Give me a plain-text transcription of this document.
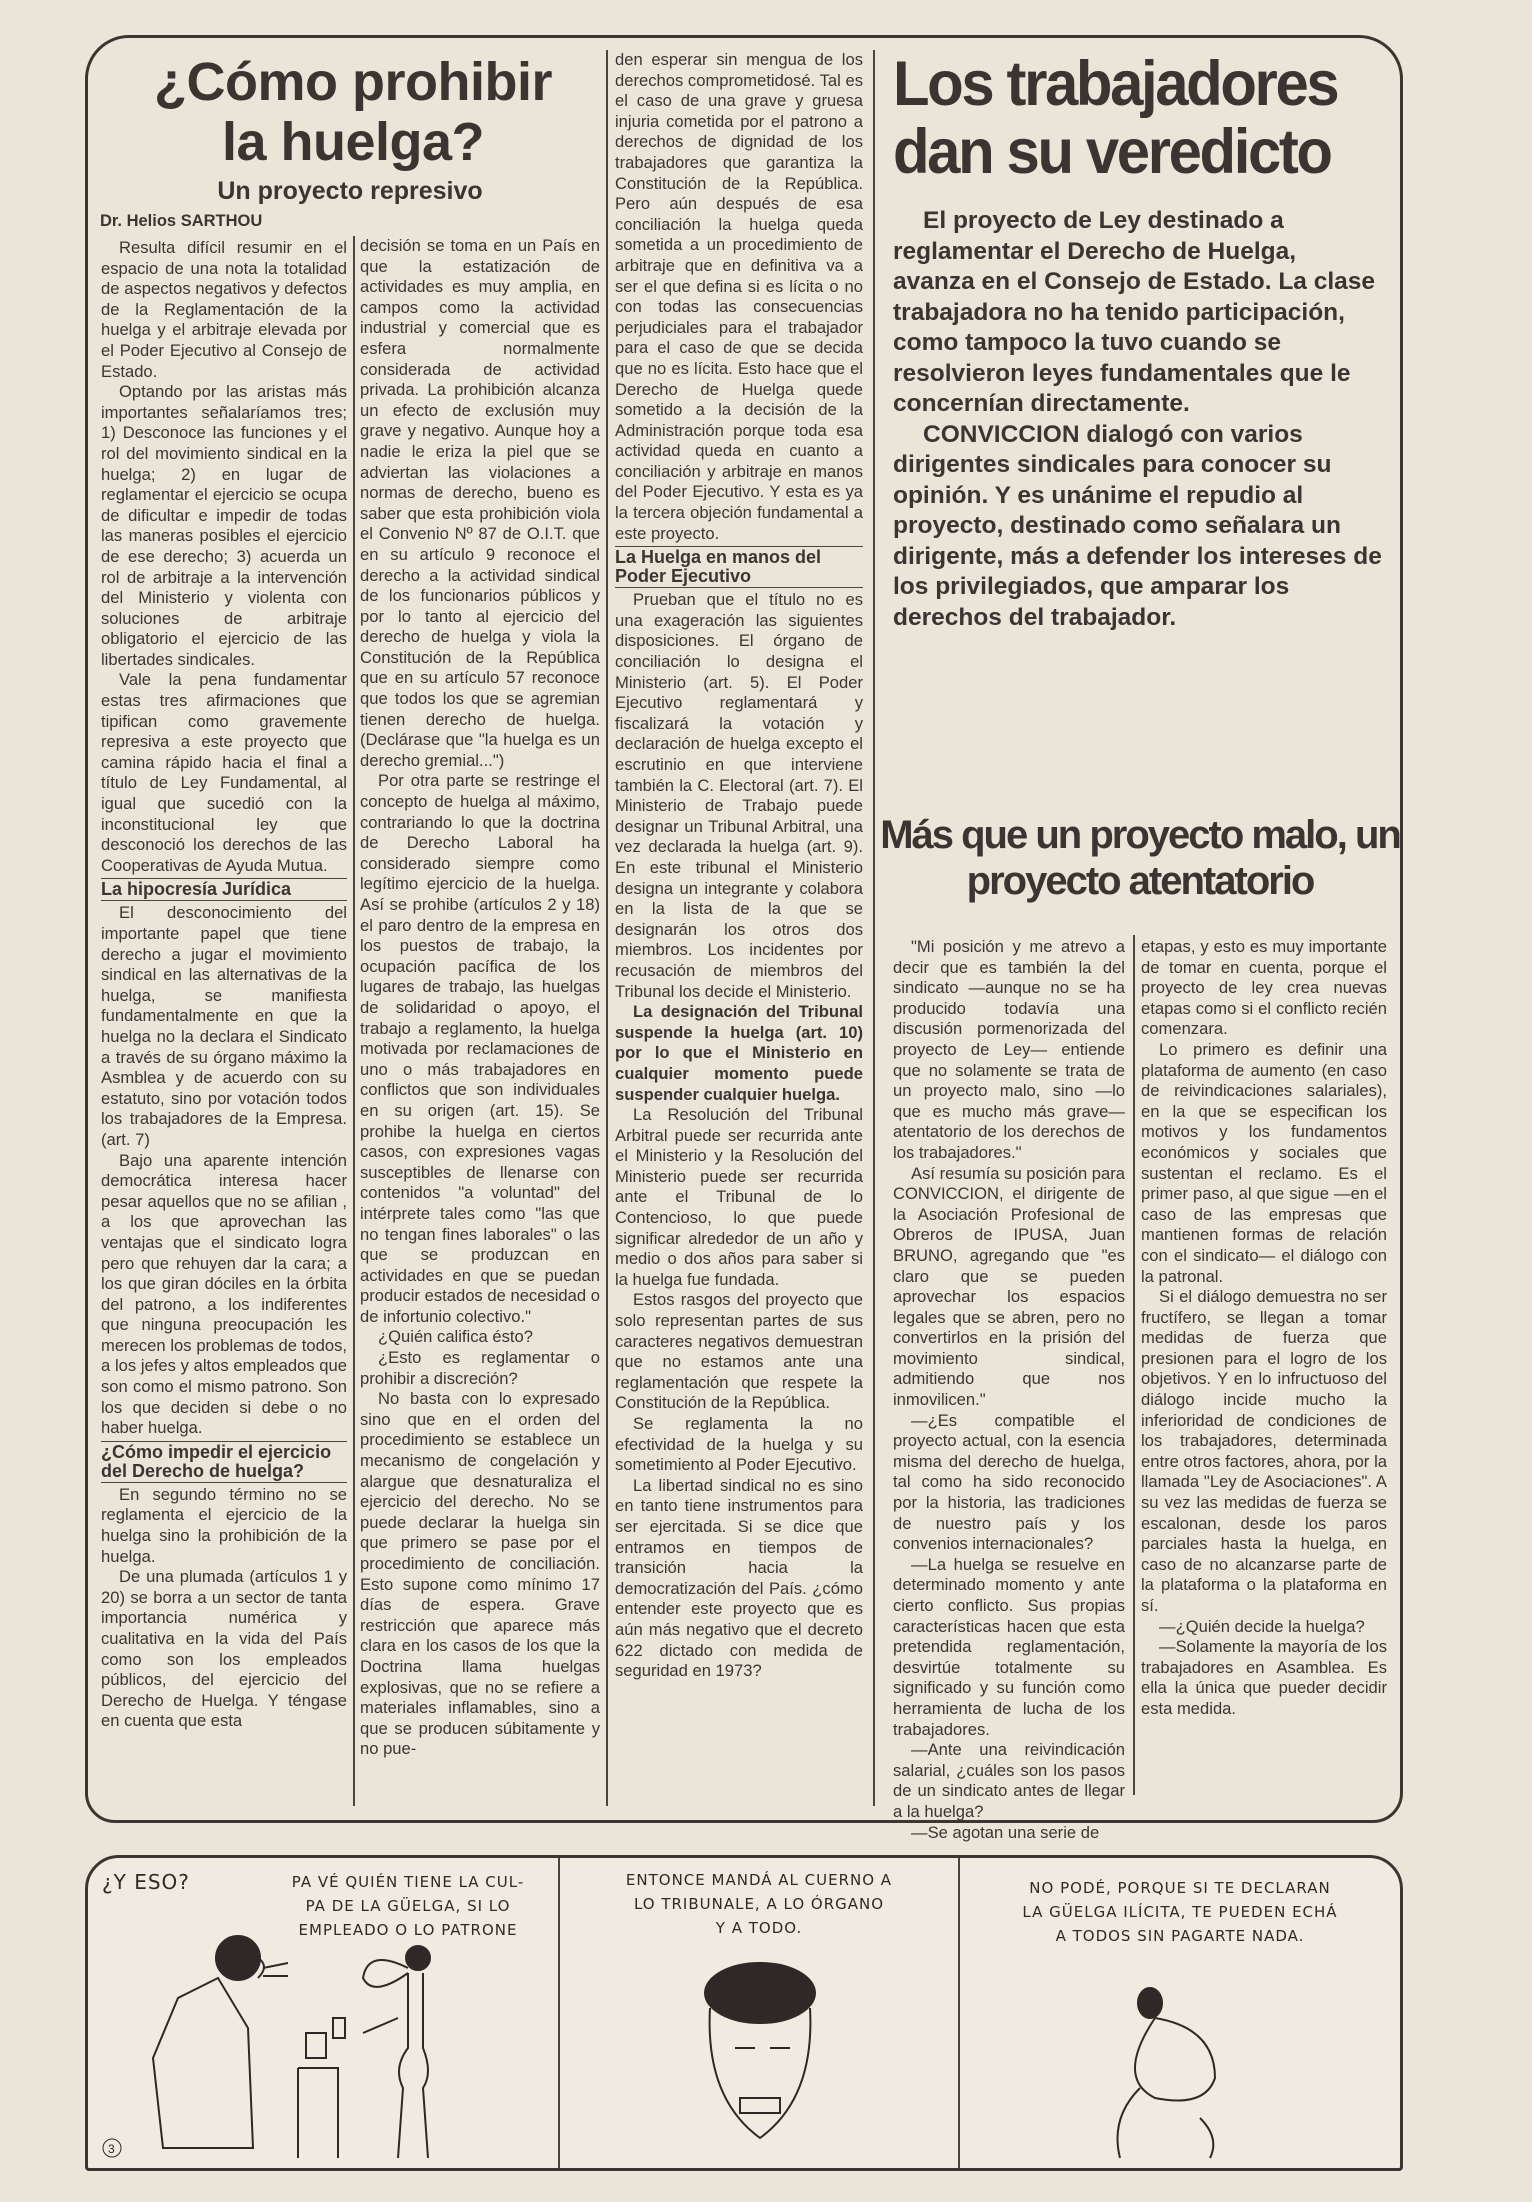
¿Cómo prohibir
la huelga?
Un proyecto represivo
Dr. Helios SARTHOU

Resulta difícil resumir en el espacio de una nota la totalidad de aspectos negativos y defectos de la Reglamentación de la huelga y el arbitraje elevada por el Poder Ejecutivo al Consejo de Estado.

Optando por las aristas más importantes señalaríamos tres; 1) Desconoce las funciones y el rol del movimiento sindical en la huelga; 2) en lugar de reglamentar el ejercicio se ocupa de dificultar e impedir de todas las maneras posibles el ejercicio de ese derecho; 3) acuerda un rol de arbitraje a la intervención del Ministerio y violenta con soluciones de arbitraje obligatorio el ejercicio de las libertades sindicales.

Vale la pena fundamentar estas tres afirmaciones que tipifican como gravemente represiva a este proyecto que camina rápido hacia el final a título de Ley Fundamental, al igual que sucedió con la inconstitucional ley que desconoció los derechos de las Cooperativas de Ayuda Mutua.

La hipocresía Jurídica

El desconocimiento del importante papel que tiene derecho a jugar el movimiento sindical en las alternativas de la huelga, se manifiesta fundamentalmente en que la huelga no la declara el Sindicato a través de su órgano máximo la Asmblea y de acuerdo con su estatuto, sino por votación todos los trabajadores de la Empresa. (art. 7)

Bajo una aparente intención democrática interesa hacer pesar aquellos que no se afilian , a los que aprovechan las ventajas que el sindicato logra pero que rehuyen dar la cara; a los que giran dóciles en la órbita del patrono, a los indiferentes que ninguna preocupación les merecen los problemas de todos, a los jefes y altos empleados que son como el mismo patrono. Son los que deciden si debe o no haber huelga.

¿Cómo impedir el ejercicio del Derecho de huelga?

En segundo término no se reglamenta el ejercicio de la huelga sino la prohibición de la huelga.

De una plumada (artículos 1 y 20) se borra a un sector de tanta importancia numérica y cualitativa en la vida del País como son los empleados públicos, del ejercicio del Derecho de Huelga. Y téngase en cuenta que esta

decisión se toma en un País en que la estatización de actividades es muy amplia, en campos como la actividad industrial y comercial que es esfera normalmente considerada de actividad privada. La prohibición alcanza un efecto de exclusión muy grave y negativo. Aunque hoy a nadie le eriza la piel que se adviertan las violaciones a normas de derecho, bueno es saber que esta prohibición viola el Convenio Nº 87 de O.I.T. que en su artículo 9 reconoce el derecho a la actividad sindical de los funcionarios públicos y por lo tanto al ejercicio del derecho de huelga y viola la Constitución de la República que en su artículo 57 reconoce que todos los que se agremian tienen derecho de huelga. (Declárase que "la huelga es un derecho gremial...")

Por otra parte se restringe el concepto de huelga al máximo, contrariando lo que la doctrina de Derecho Laboral ha considerado siempre como legítimo ejercicio de la huelga. Así se prohibe (artículos 2 y 18) el paro dentro de la empresa en los puestos de trabajo, la ocupación pacífica de los lugares de trabajo, las huelgas de solidaridad o apoyo, el trabajo a reglamento, la huelga motivada por reclamaciones de uno o más trabajadores en conflictos que son individuales en su origen (art. 15). Se prohibe la huelga en ciertos casos, con expresiones vagas susceptibles de llenarse con contenidos "a voluntad" del intérprete tales como "las que no tengan fines laborales" o las que se produzcan en actividades en que se puedan producir estados de necesidad o de infortunio colectivo."

¿Quién califica ésto?

¿Esto es reglamentar o prohibir a discreción?

No basta con lo expresado sino que en el orden del procedimiento se establece un mecanismo de congelación y alargue que desnaturaliza el ejercicio del derecho. No se puede declarar la huelga sin que primero se pase por el procedimiento de conciliación. Esto supone como mínimo 17 días de espera. Grave restricción que aparece más clara en los casos de los que la Doctrina llama huelgas explosivas, que no se refiere a materiales inflamables, sino a que se producen súbitamente y no pue-

den esperar sin mengua de los derechos comprometidosé. Tal es el caso de una grave y gruesa injuria cometida por el patrono a derechos de dignidad de los trabajadores que garantiza la Constitución de la República. Pero aún después de esa conciliación la huelga queda sometida a un procedimiento de arbitraje que en definitiva va a ser el que defina si es lícita o no con todas las consecuencias perjudiciales para el trabajador para el caso de que se decida que no es lícita. Esto hace que el Derecho de Huelga quede sometido a la decisión de la Administración porque toda esa actividad queda en cuanto a conciliación y arbitraje en manos del Poder Ejecutivo. Y esta es ya la tercera objeción fundamental a este proyecto.

La Huelga en manos del Poder Ejecutivo

Prueban que el título no es una exageración las siguientes disposiciones. El órgano de conciliación lo designa el Ministerio (art. 5). El Poder Ejecutivo reglamentará y fiscalizará la votación y declaración de huelga excepto el escrutinio en que interviene también la C. Electoral (art. 7). El Ministerio de Trabajo puede designar un Tribunal Arbitral, una vez declarada la huelga (art. 9). En este tribunal el Ministerio designa un integrante y colabora en la lista de la que se designarán los otros dos miembros. Los incidentes por recusación de miembros del Tribunal los decide el Ministerio.

La designación del Tribunal suspende la huelga (art. 10) por lo que el Ministerio en cualquier momento puede suspender cualquier huelga.

La Resolución del Tribunal Arbitral puede ser recurrida ante el Ministerio y la Resolución del Ministerio puede ser recurrida ante el Tribunal de lo Contencioso, lo que puede significar alrededor de un año y medio o dos años para saber si la huelga fue fundada.

Estos rasgos del proyecto que solo representan partes de sus caracteres negativos demuestran que no estamos ante una reglamentación que respete la Constitución de la República.

Se reglamenta la no efectividad de la huelga y su sometimiento al Poder Ejecutivo.

La libertad sindical no es sino en tanto tiene instrumentos para ser ejercitada. Si se dice que entramos en tiempos de transición hacia la democratización del País. ¿cómo entender este proyecto que es aún más negativo que el decreto 622 dictado con medida de seguridad en 1973?

Los trabajadores dan su veredicto

El proyecto de Ley destinado a reglamentar el Derecho de Huelga, avanza en el Consejo de Estado. La clase trabajadora no ha tenido participación, como tampoco la tuvo cuando se resolvieron leyes fundamentales que le concernían directamente.

CONVICCION dialogó con varios dirigentes sindicales para conocer su opinión. Y es unánime el repudio al proyecto, destinado como señalara un dirigente, más a defender los intereses de los privilegiados, que amparar los derechos del trabajador.

Más que un proyecto malo, un proyecto atentatorio

"Mi posición y me atrevo a decir que es también la del sindicato —aunque no se ha producido todavía una discusión pormenorizada del proyecto de Ley— entiende que no solamente se trata de un proyecto malo, sino —lo que es mucho más grave— atentatorio de los derechos de los trabajadores."

Así resumía su posición para CONVICCION, el dirigente de la Asociación Profesional de Obreros de IPUSA, Juan BRUNO, agregando que "es claro que se pueden aprovechar los espacios legales que se abren, pero no convertirlos en la prisión del movimiento sindical, admitiendo que nos inmovilicen."

—¿Es compatible el proyecto actual, con la esencia misma del derecho de huelga, tal como ha sido reconocido por la historia, las tradiciones de nuestro país y los convenios internacionales?

—La huelga se resuelve en determinado momento y ante cierto conflicto. Sus propias características hacen que esta pretendida reglamentación, desvirtúe totalmente su significado y su función como herramienta de lucha de los trabajadores.

—Ante una reivindicación salarial, ¿cuáles son los pasos de un sindicato antes de llegar a la huelga?

—Se agotan una serie de

etapas, y esto es muy importante de tomar en cuenta, porque el proyecto de ley crea nuevas etapas como si el conflicto recién comenzara.

Lo primero es definir una plataforma de aumento (en caso de reivindicaciones salariales), en la que se especifican los motivos y los fundamentos económicos y sociales que sustentan el reclamo. Es el primer paso, al que sigue —en el caso de las empresas que mantienen formas de relación con el sindicato— el diálogo con la patronal.

Si el diálogo demuestra no ser fructífero, se llegan a tomar medidas de fuerza que presionen para el logro de los objetivos. Y en lo infructuoso del diálogo incide mucho la inferioridad de condiciones de los trabajadores, determinada entre otros factores, ahora, por la llamada "Ley de Asociaciones". A su vez las medidas de fuerza se escalonan, desde los paros parciales hasta la huelga, en caso de no alcanzarse parte de la plataforma o la plataforma en sí.

—¿Quién decide la huelga?

—Solamente la mayoría de los trabajadores en Asamblea. Es ella la única que pueder decidir esta medida.

¿Y ESO?	PA VÉ QUIÉN TIENE LA CUL-
PA DE LA GÜELGA, SI LO
EMPLEADO O LO PATRONE
3
ENTONCE MANDÁ AL CUERNO A
LO TRIBUNALE, A LO ÓRGANO
Y A TODO.
NO PODÉ, PORQUE SI TE DECLARAN
LA GÜELGA ILÍCITA, TE PUEDEN ECHÁ
A TODOS SIN PAGARTE NADA.
